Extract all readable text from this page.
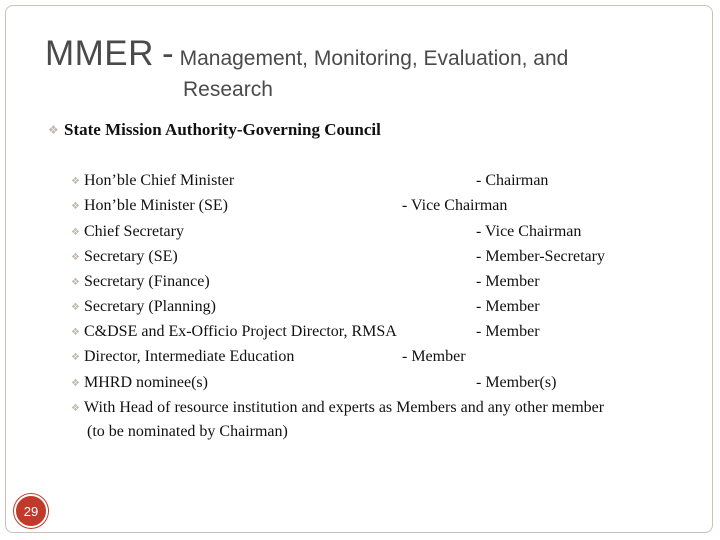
MMER - Management, Monitoring, Evaluation, and
Research
❖ State Mission Authority-Governing Council
❖ Hon’ble Chief Minister	- Chairman
❖ Hon’ble Minister (SE)	- Vice Chairman
❖ Chief Secretary	- Vice Chairman
❖ Secretary (SE)	- Member-Secretary
❖ Secretary (Finance)	- Member
❖ Secretary (Planning)	- Member
❖ C&DSE and Ex-Officio Project Director, RMSA	- Member
❖ Director, Intermediate Education	- Member
❖ MHRD nominee(s)	- Member(s)
❖ With Head of resource institution and experts as Members and any other member
(to be nominated by Chairman)
29
